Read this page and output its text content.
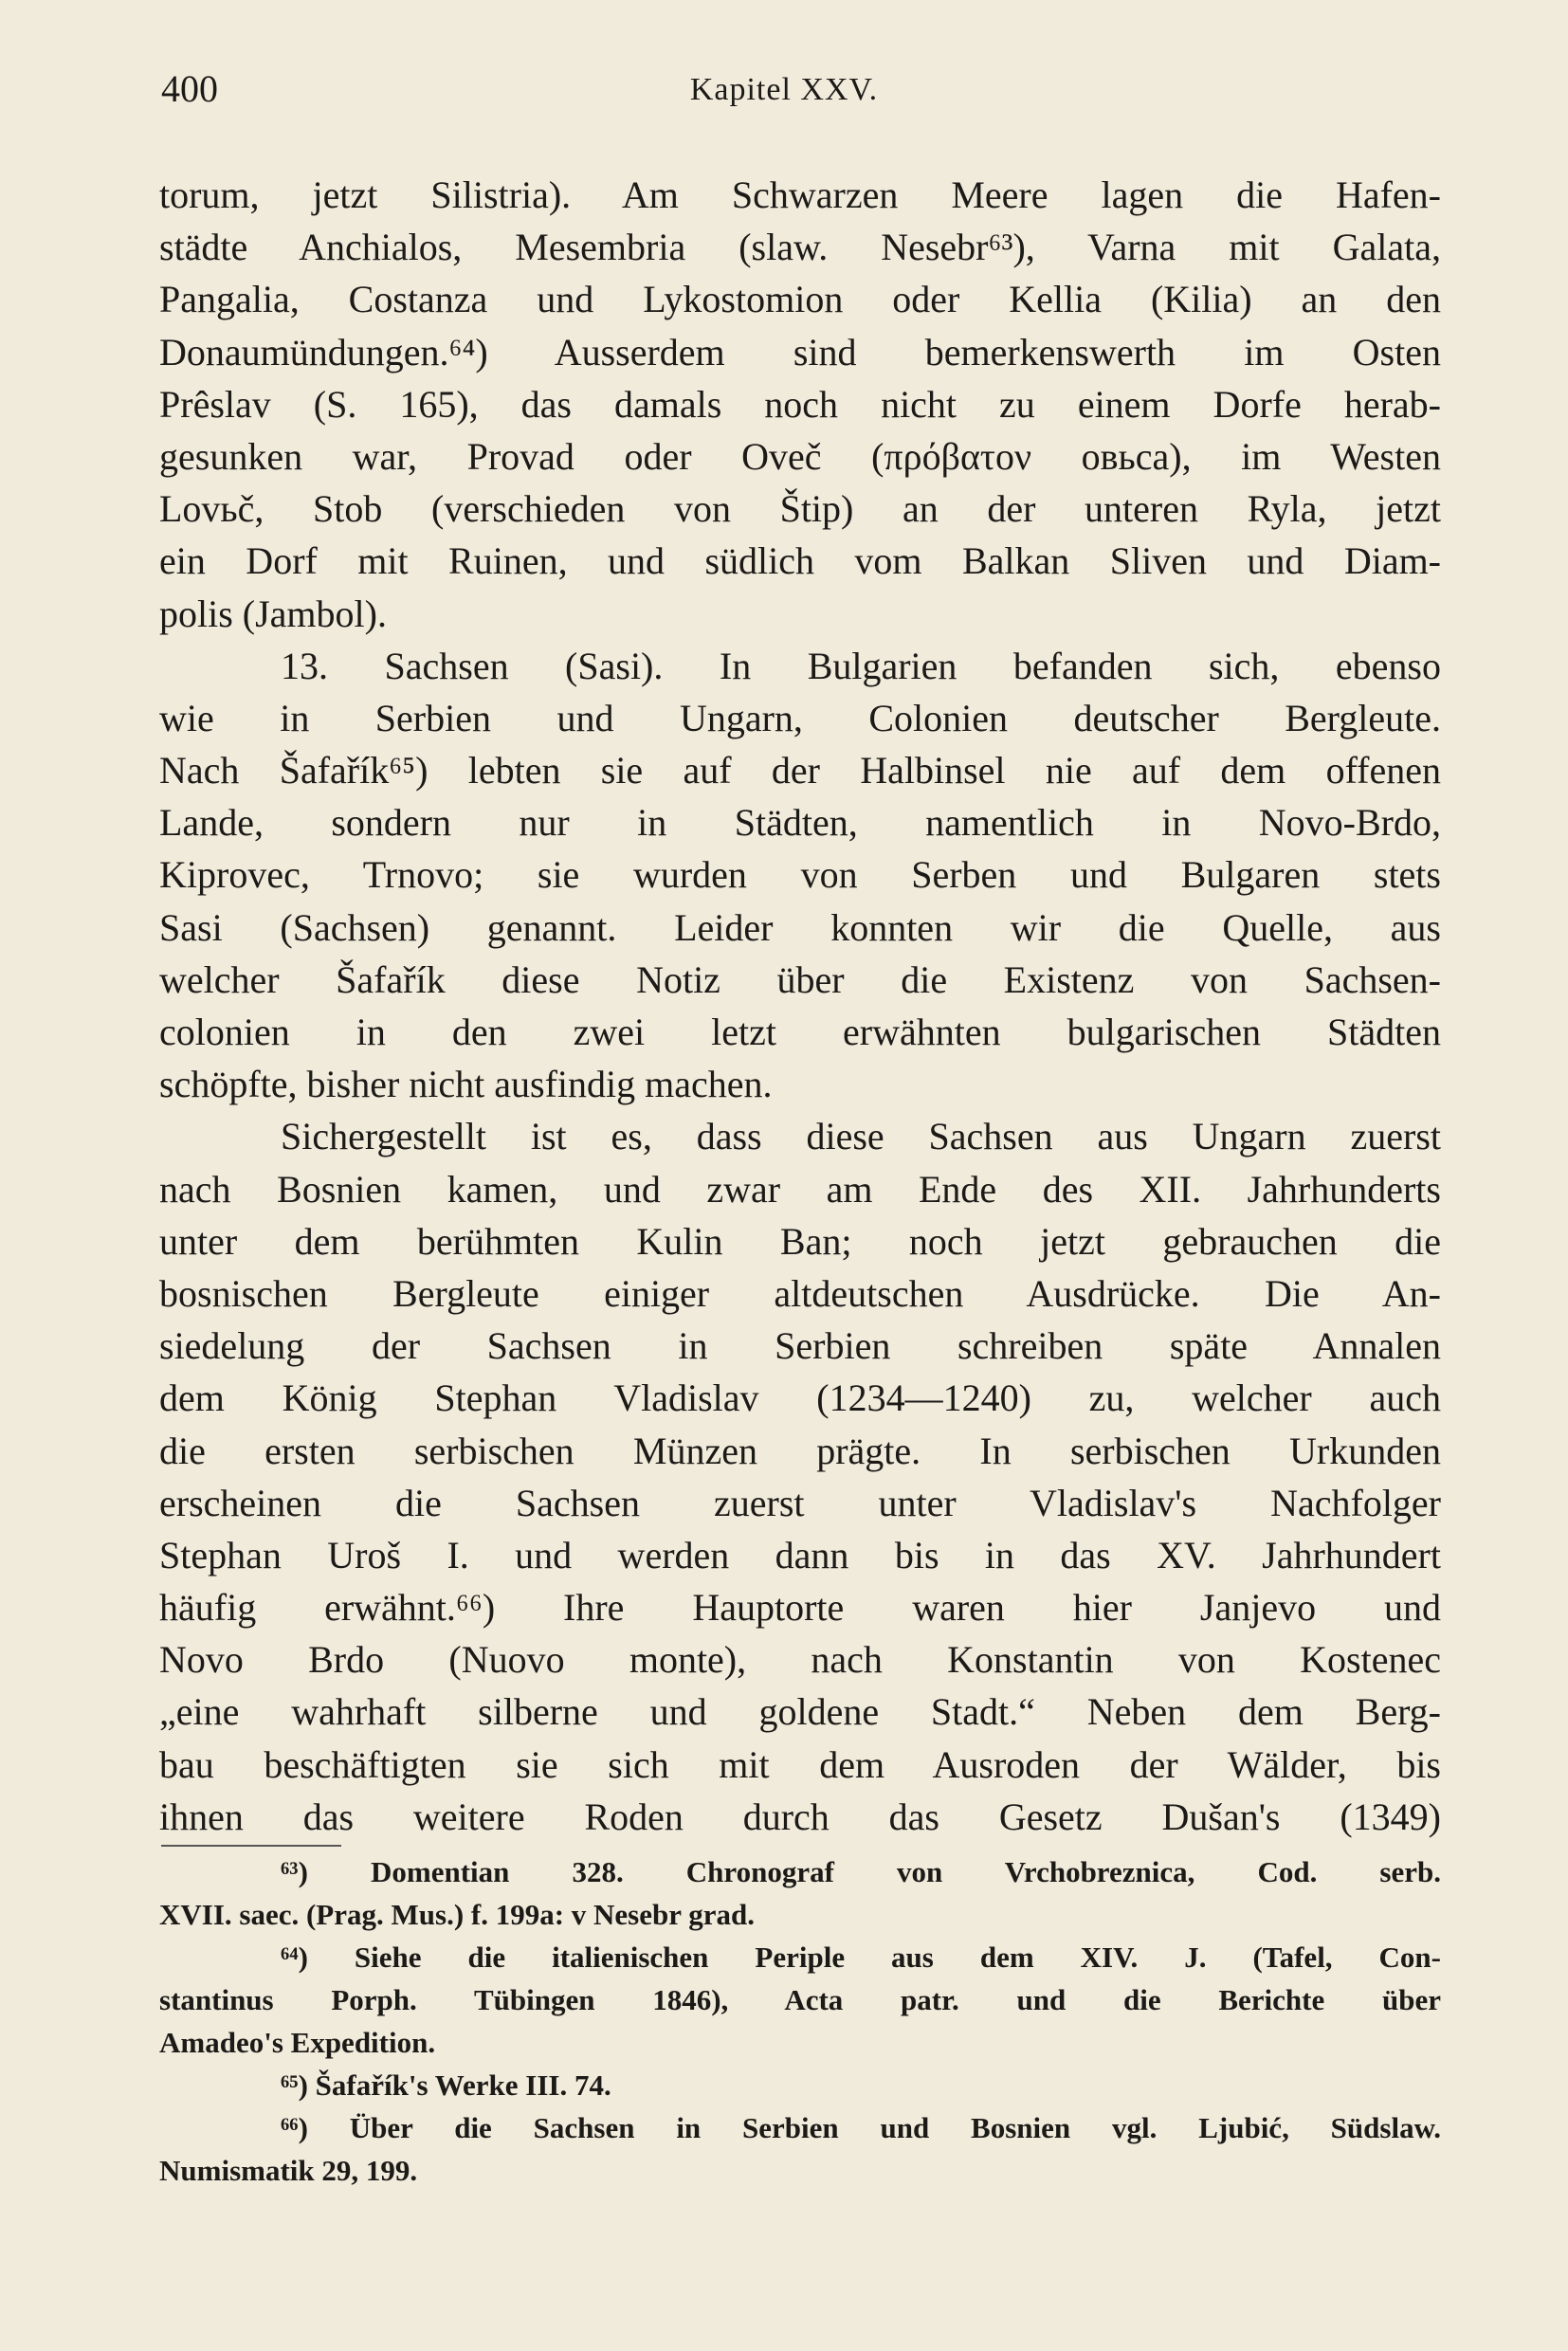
400	Kapitel XXV.
torum, jetzt Silistria). Am Schwarzen Meere lagen die Hafen-
städte Anchialos, Mesembria (slaw. Nesebr⁶³), Varna mit Galata,
Pangalia, Costanza und Lykostomion oder Kellia (Kilia) an den
Donaumündungen.⁶⁴) Ausserdem sind bemerkenswerth im Osten
Prêslav (S. 165), das damals noch nicht zu einem Dorfe herab-
gesunken war, Provad oder Ovеč (πρόβατον овьca), im Westen
Lovьč, Stob (verschieden von Štip) an der unteren Ryla, jetzt
ein Dorf mit Ruinen, und südlich vom Balkan Sliven und Diam-
polis (Jambol).
13. Sachsen (Sasi). In Bulgarien befanden sich, ebenso
wie in Serbien und Ungarn, Colonien deutscher Bergleute.
Nach Šafařík⁶⁵) lebten sie auf der Halbinsel nie auf dem offenen
Lande, sondern nur in Städten, namentlich in Novo-Brdo,
Kiprovec, Trnovo; sie wurden von Serben und Bulgaren stets
Sasi (Sachsen) genannt. Leider konnten wir die Quelle, aus
welcher Šafařík diese Notiz über die Existenz von Sachsen-
colonien in den zwei letzt erwähnten bulgarischen Städten
schöpfte, bisher nicht ausfindig machen.
Sichergestellt ist es, dass diese Sachsen aus Ungarn zuerst
nach Bosnien kamen, und zwar am Ende des XII. Jahrhunderts
unter dem berühmten Kulin Ban; noch jetzt gebrauchen die
bosnischen Bergleute einiger altdeutschen Ausdrücke. Die An-
siedelung der Sachsen in Serbien schreiben späte Annalen
dem König Stephan Vladislav (1234—1240) zu, welcher auch
die ersten serbischen Münzen prägte. In serbischen Urkunden
erscheinen die Sachsen zuerst unter Vladislav's Nachfolger
Stephan Uroš I. und werden dann bis in das XV. Jahrhundert
häufig erwähnt.⁶⁶) Ihre Hauptorte waren hier Janjevo und
Novo Brdo (Nuovo monte), nach Konstantin von Kostenec
„eine wahrhaft silberne und goldene Stadt.“ Neben dem Berg-
bau beschäftigten sie sich mit dem Ausroden der Wälder, bis
ihnen das weitere Roden durch das Gesetz Dušan's (1349)
⁶³) Domentian 328. Chronograf von Vrchobreznica, Cod. serb.
XVII. saec. (Prag. Mus.) f. 199a: v Nesebr grad.
⁶⁴) Siehe die italienischen Periple aus dem XIV. J. (Tafel, Con-
stantinus Porph. Tübingen 1846), Acta patr. und die Berichte über
Amadeo's Expedition.
⁶⁵) Šafařík's Werke III. 74.
⁶⁶) Über die Sachsen in Serbien und Bosnien vgl. Ljubić, Südslaw.
Numismatik 29, 199.
